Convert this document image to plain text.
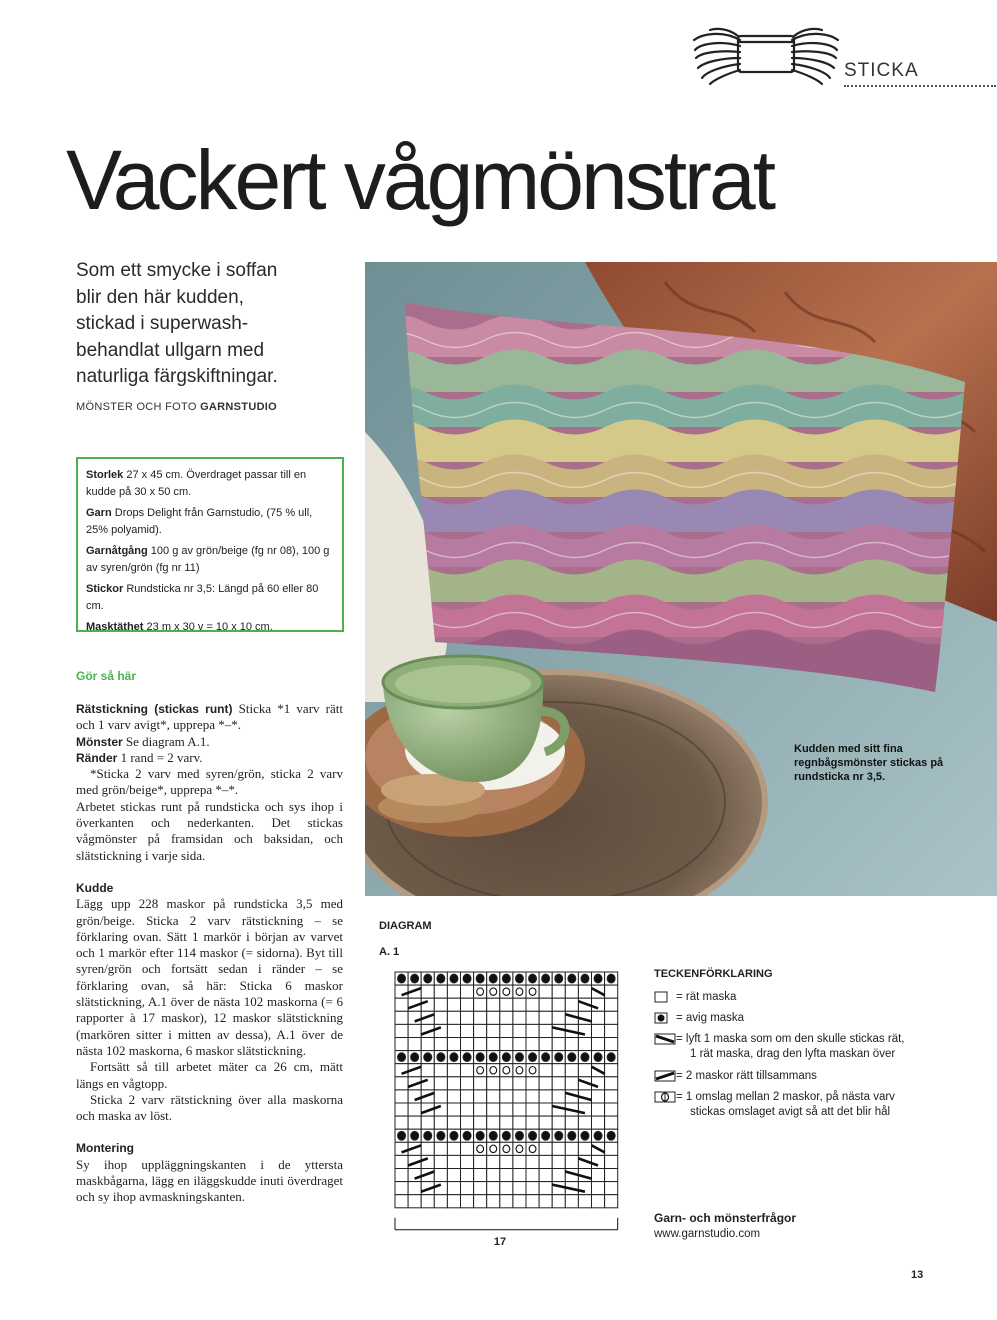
STICKA
Vackert vågmönstrat
Som ett smycke i soffan
blir den här kudden,
stickad i superwash-
behandlat ullgarn med
naturliga färgskiftningar.
MÖNSTER OCH FOTO GARNSTUDIO

Storlek 27 x 45 cm. Överdraget passar till en kudde på 30 x 50 cm.

Garn Drops Delight från Garnstudio, (75 % ull, 25% polyamid).

Garnåtgång 100 g av grön/beige (fg nr 08), 100 g av syren/grön (fg nr 11)

Stickor Rundsticka nr 3,5: Längd på 60 eller 80 cm.

Masktäthet 23 m x 30 v = 10 x 10 cm.

Gör så här

Rätstickning (stickas runt) Sticka *1 varv rätt och 1 varv avigt*, upprepa *–*.

Mönster Se diagram A.1.

Ränder 1 rand = 2 varv.

*Sticka 2 varv med syren/grön, sticka 2 varv med grön/beige*, upprepa *–*.

Arbetet stickas runt på rundsticka och sys ihop i överkanten och nederkanten. Det stickas vågmönster på framsidan och baksidan, och slätstickning i varje sida.

Kudde

Lägg upp 228 maskor på rundsticka 3,5 med grön/beige. Sticka 2 varv rätstickning – se förklaring ovan. Sätt 1 markör i början av varvet och 1 markör efter 114 maskor (= sidorna). Byt till syren/grön och fortsätt sedan i ränder – se förklaring ovan, så här: Sticka 6 maskor slätstickning, A.1 över de nästa 102 maskorna (= 6 rapporter à 17 maskor), 12 maskor slätstickning (markören sitter i mitten av dessa), A.1 över de nästa 102 maskorna, 6 maskor slätstickning.

Fortsätt så till arbetet mäter ca 26 cm, mätt längs en vågtopp.

Sticka 2 varv rätstickning över alla maskorna och maska av löst.

Montering

Sy ihop uppläggningskanten i de yttersta maskbågarna, lägg en iläggskudde inuti överdraget och sy ihop avmaskningskanten.

Kudden med sitt fina regnbågsmönster stickas på rundsticka nr 3,5.
DIAGRAM
A. 1
17
TECKENFÖRKLARING
= rät maska
= avig maska
= lyft 1 maska som om den skulle stickas rät,
1 rät maska, drag den lyfta maskan över
= 2 maskor rätt tillsammans
= 1 omslag mellan 2 maskor, på nästa varv
stickas omslaget avigt så att det blir hål
Garn- och mönsterfrågor
www.garnstudio.com
13
